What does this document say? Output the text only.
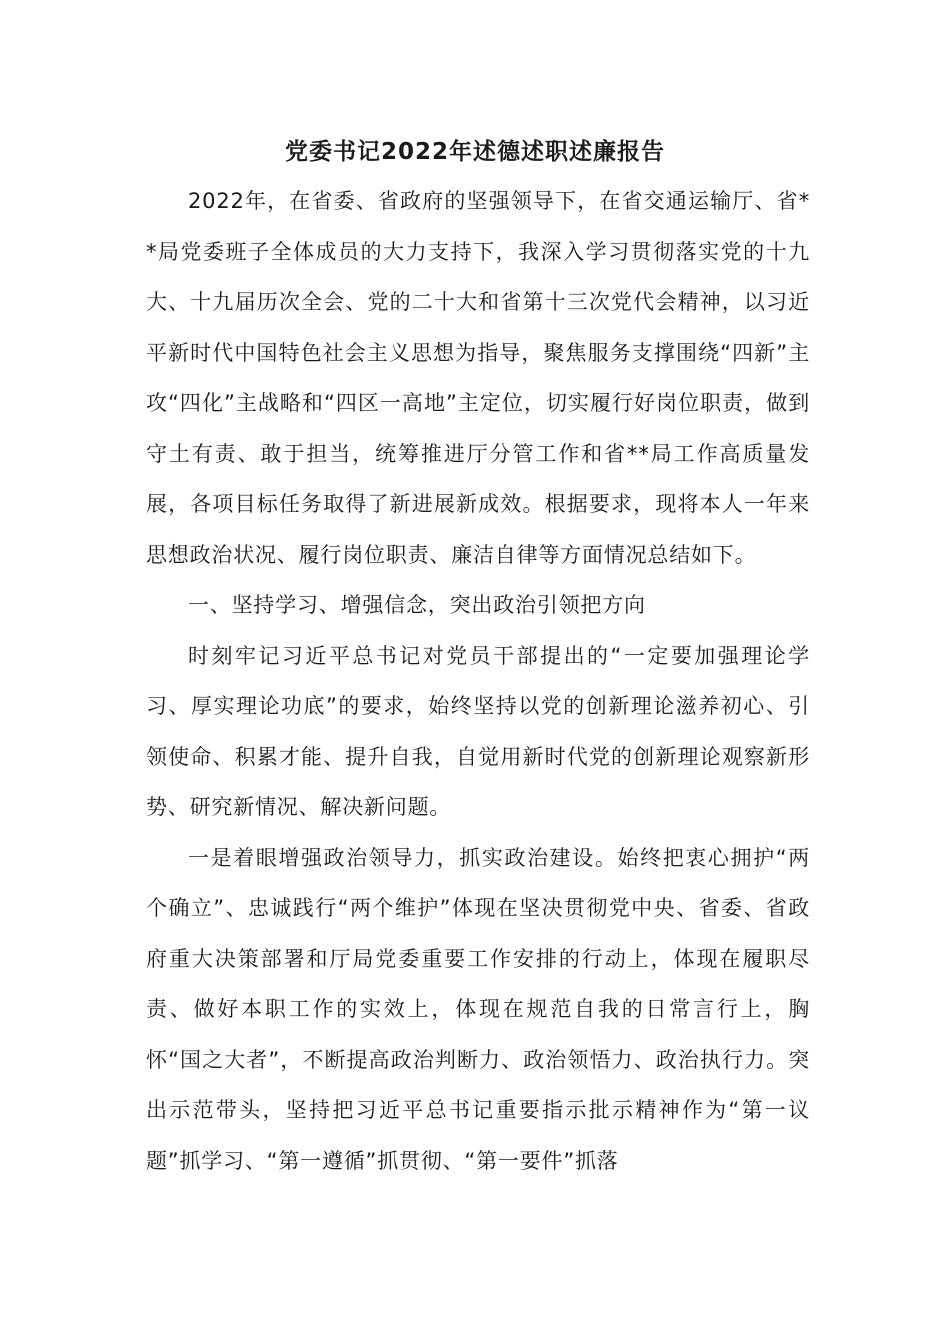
党委书记2022年述德述职述廉报告

2022年，在省委、省政府的坚强领导下，在省交通运输厅、省**局党委班子全体成员的大力支持下，我深入学习贯彻落实党的十九大、十九届历次全会、党的二十大和省第十三次党代会精神，以习近平新时代中国特色社会主义思想为指导，聚焦服务支撑围绕“四新”主攻“四化”主战略和“四区一高地”主定位，切实履行好岗位职责，做到守土有责、敢于担当，统筹推进厅分管工作和省**局工作高质量发展，各项目标任务取得了新进展新成效。根据要求，现将本人一年来思想政治状况、履行岗位职责、廉洁自律等方面情况总结如下。

一、坚持学习、增强信念，突出政治引领把方向

时刻牢记习近平总书记对党员干部提出的“一定要加强理论学习、厚实理论功底”的要求，始终坚持以党的创新理论滋养初心、引领使命、积累才能、提升自我，自觉用新时代党的创新理论观察新形势、研究新情况、解决新问题。

一是着眼增强政治领导力，抓实政治建设。始终把衷心拥护“两个确立”、忠诚践行“两个维护”体现在坚决贯彻党中央、省委、省政府重大决策部署和厅局党委重要工作安排的行动上，体现在履职尽责、做好本职工作的实效上，体现在规范自我的日常言行上，胸怀“国之大者”，不断提高政治判断力、政治领悟力、政治执行力。突出示范带头，坚持把习近平总书记重要指示批示精神作为“第一议题”抓学习、“第一遵循”抓贯彻、“第一要件”抓落
